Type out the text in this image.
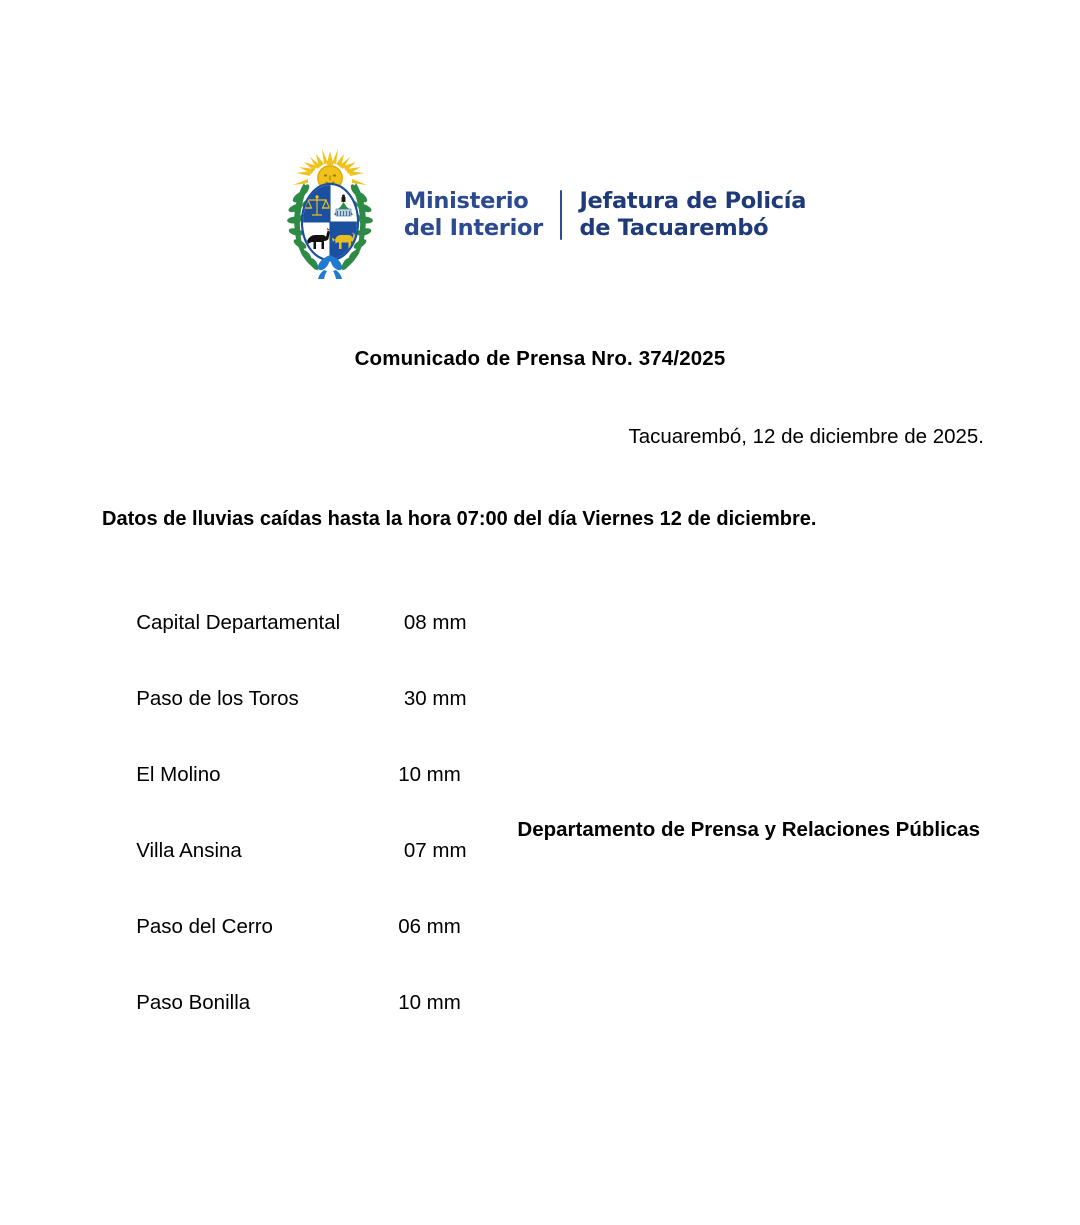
Ministerio
del Interior
Jefatura de Policía
de Tacuarembó
Comunicado de Prensa Nro. 374/2025
Tacuarembó, 12 de diciembre de 2025.
Datos de lluvias caídas hasta la hora 07:00 del día Viernes 12 de diciembre.

Capital Departamental	08 mm

Paso de los Toros	30 mm

El Molino	10 mm

Villa Ansina	07 mm

Paso del Cerro	06 mm

Paso Bonilla	10 mm

Departamento de Prensa y Relaciones Públicas
